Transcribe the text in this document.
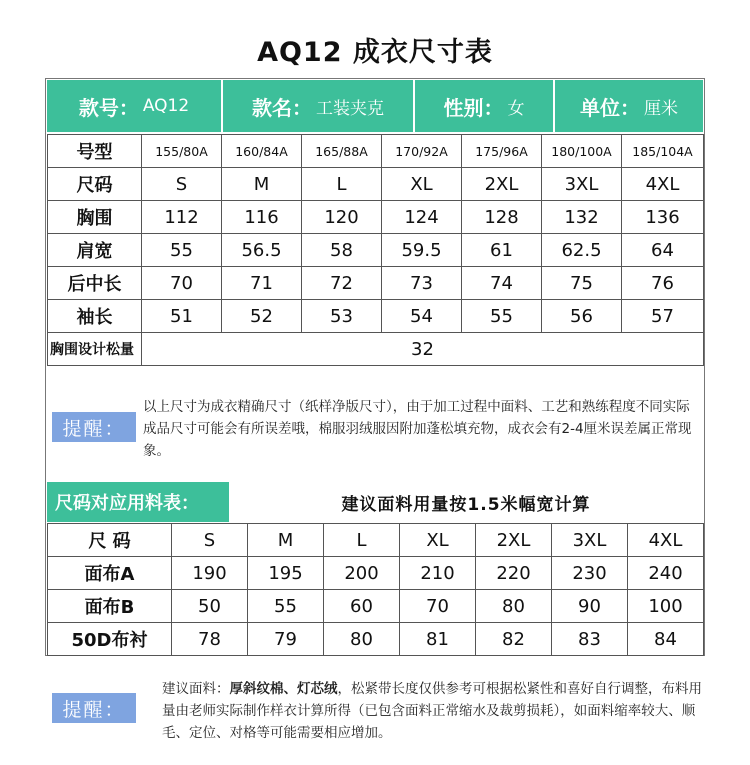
AQ12 成衣尺寸表
款号： AQ12	款名： 工装夹克	性别： 女	单位： 厘米
号型	155/80A	160/84A	165/88A	170/92A	175/96A	180/100A	185/104A
尺码	S	M	L	XL	2XL	3XL	4XL
胸围	112	116	120	124	128	132	136
肩宽	55	56.5	58	59.5	61	62.5	64
后中长	70	71	72	73	74	75	76
袖长	51	52	53	54	55	56	57
胸围设计松量	32						
提醒：
以上尺寸为成衣精确尺寸（纸样净版尺寸），由于加工过程中面料、工艺和熟练程度不同实际成品尺寸可能会有所误差哦，棉服羽绒服因附加蓬松填充物，成衣会有2-4厘米误差属正常现象。
尺码对应用料表：	建议面料用量按1.5米幅宽计算
尺 码	S	M	L	XL	2XL	3XL	4XL
面布A	190	195	200	210	220	230	240
面布B	50	55	60	70	80	90	100
50D布衬	78	79	80	81	82	83	84
提醒：
建议面料：厚斜纹棉、灯芯绒，松紧带长度仅供参考可根据松紧性和喜好自行调整，布料用量由老师实际制作样衣计算所得（已包含面料正常缩水及裁剪损耗），如面料缩率较大、顺毛、定位、对格等可能需要相应增加。
